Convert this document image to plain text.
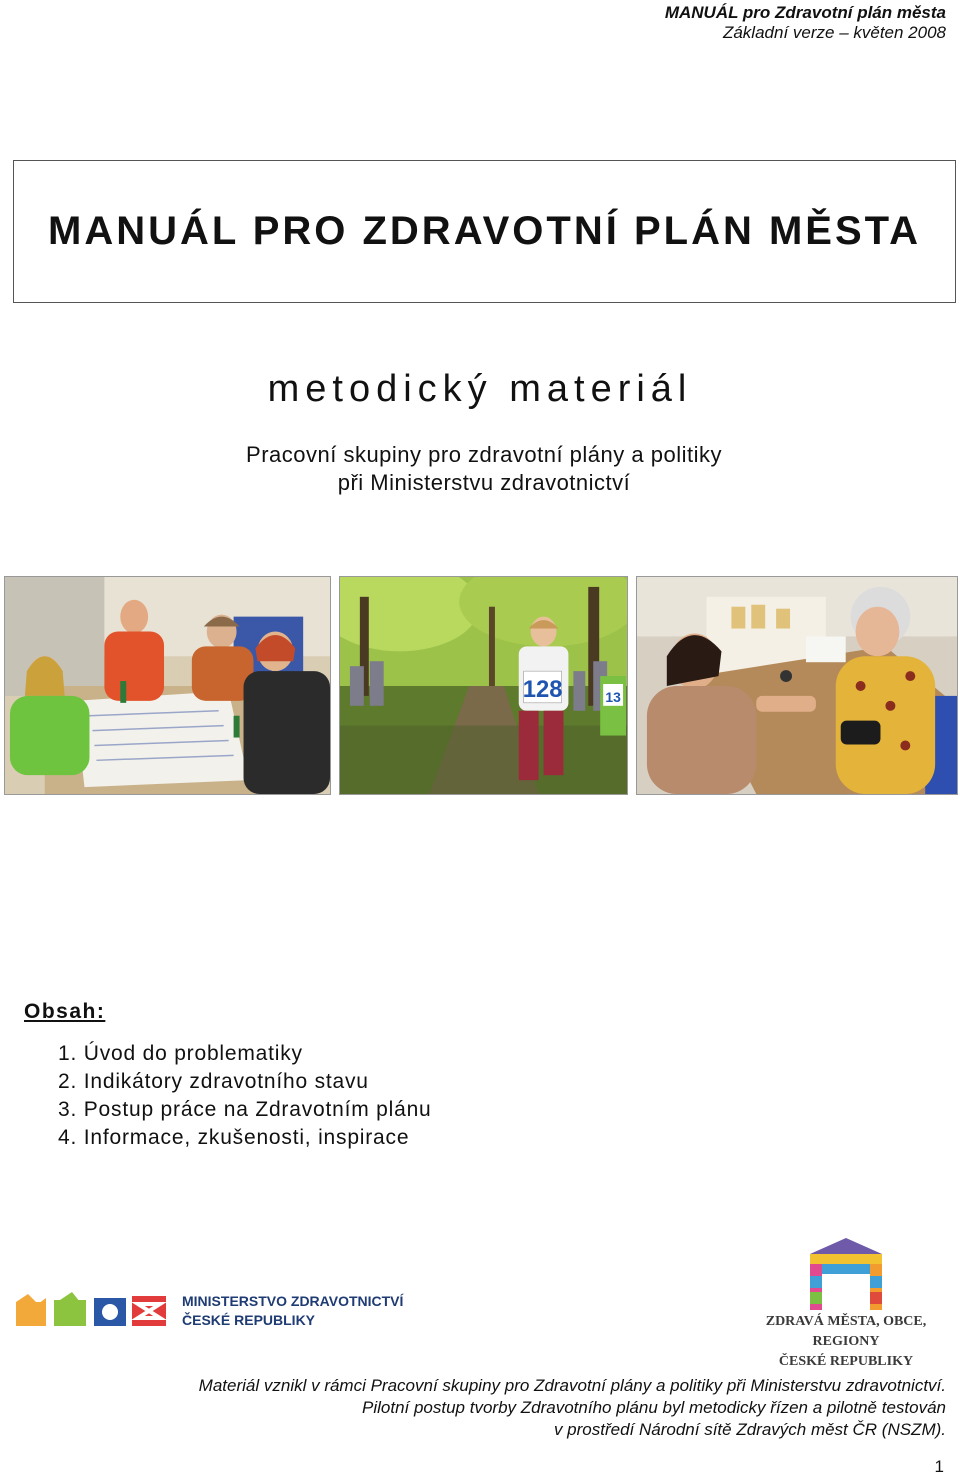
MANUÁL pro Zdravotní plán města
Základní verze – květen 2008
MANUÁL PRO ZDRAVOTNÍ PLÁN MĚSTA
metodický materiál
Pracovní skupiny pro zdravotní plány a politiky
při Ministerstvu zdravotnictví
128	13
Obsah:
1. Úvod do problematiky
2. Indikátory zdravotního stavu
3. Postup práce na Zdravotním plánu
4. Informace, zkušenosti, inspirace
MINISTERSTVO ZDRAVOTNICTVÍ
ČESKÉ REPUBLIKY	ZDRAVÁ MĚSTA, OBCE, REGIONY
ČESKÉ REPUBLIKY
Materiál vznikl v rámci Pracovní skupiny pro Zdravotní plány a politiky při Ministerstvu zdravotnictví.
Pilotní postup tvorby Zdravotního plánu byl metodicky řízen a pilotně testován
v prostředí Národní sítě Zdravých měst ČR (NSZM).
1
